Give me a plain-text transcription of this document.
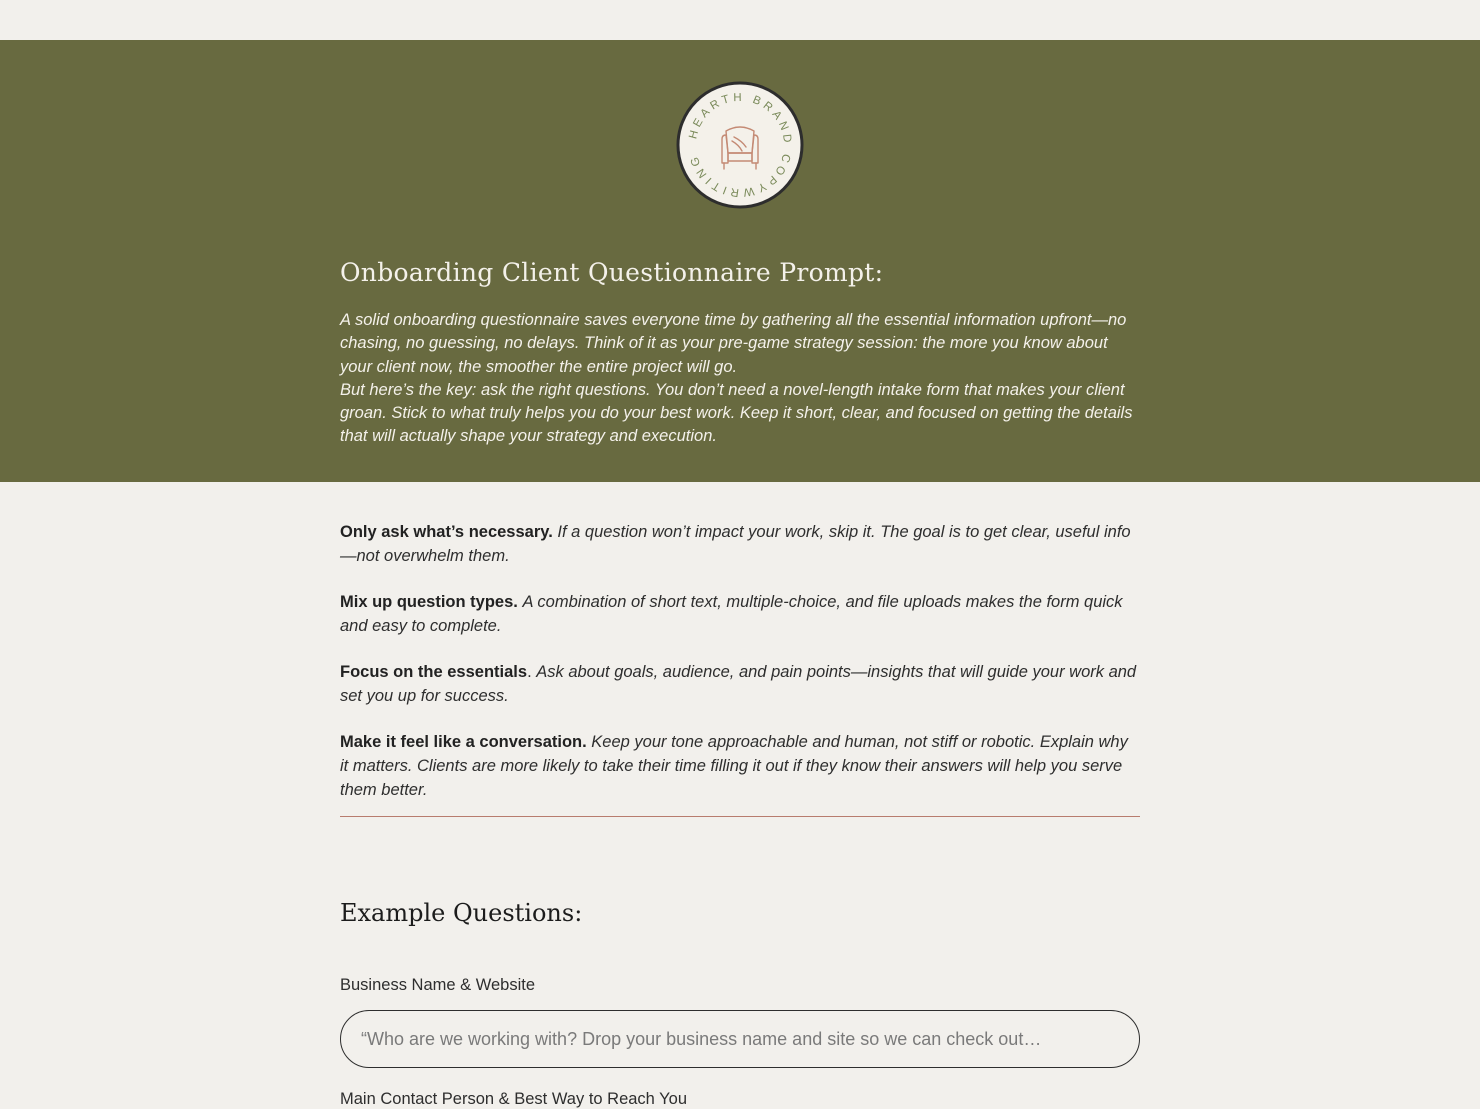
HEARTH BRAND COPYWRITING
Onboarding Client Questionnaire Prompt:

A solid onboarding questionnaire saves everyone time by gathering all the essential information upfront—no chasing, no guessing, no delays. Think of it as your pre-game strategy session: the more you know about your client now, the smoother the entire project will go.

But here’s the key: ask the right questions. You don’t need a novel-length intake form that makes your client groan. Stick to what truly helps you do your best work. Keep it short, clear, and focused on getting the details that will actually shape your strategy and execution.

Only ask what’s necessary. If a question won’t impact your work, skip it. The goal is to get clear, useful info—not overwhelm them.

Mix up question types. A combination of short text, multiple-choice, and file uploads makes the form quick and easy to complete.

Focus on the essentials. Ask about goals, audience, and pain points—insights that will guide your work and set you up for success.

Make it feel like a conversation. Keep your tone approachable and human, not stiff or robotic. Explain why it matters. Clients are more likely to take their time filling it out if they know their answers will help you serve them better.

Example Questions:
Business Name & Website
“Who are we working with? Drop your business name and site so we can check out…
Main Contact Person & Best Way to Reach You
